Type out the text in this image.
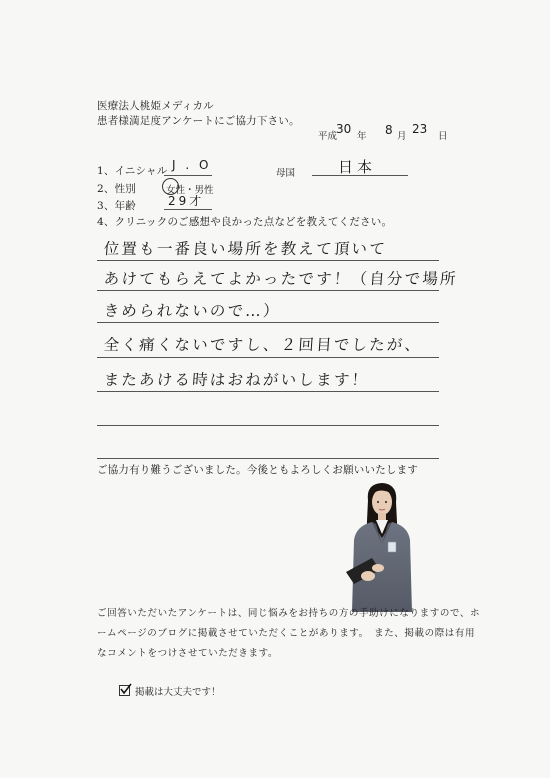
医療法人桃姫メディカル
患者様満足度アンケートにご協力下さい。
平成
30
年 8 月
23
日
1、イニシャル J . O
母国	日本
2、性別	女性・男性
3、年齢	29才
4、クリニックのご感想や良かった点などを教えてください。
位置も一番良い場所を教えて頂いて
あけてもらえてよかったです！（自分で場所
きめられないので…）
全く痛くないですし、２回目でしたが、
またあける時はおねがいします！
ご協力有り難うございました。今後ともよろしくお願いいたします
ご回答いただいたアンケートは、同じ悩みをお持ちの方の手助けになりますので、ホ
ームページのブログに掲載させていただくことがあります。　また、掲載の際は有用
なコメントをつけさせていただきます。
掲載は大丈夫です！
